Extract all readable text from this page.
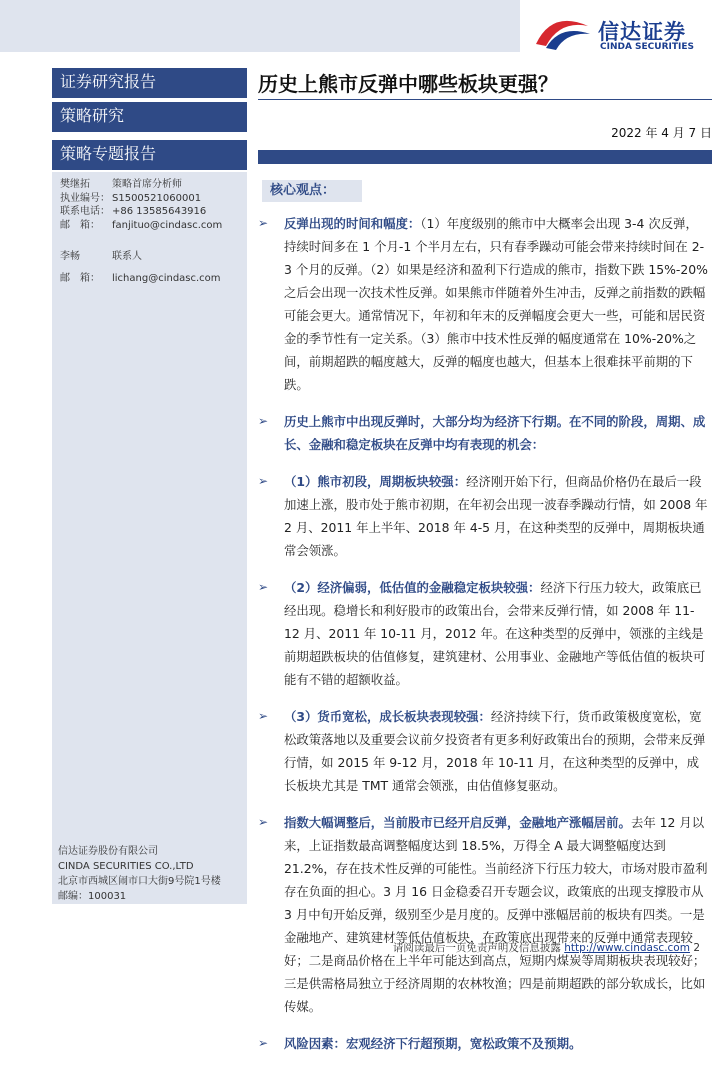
信达证券
CINDA SECURITIES
证券研究报告
策略研究
策略专题报告
樊继拓 策略首席分析师
执业编号： S1500521060001
联系电话： +86 13585643916
邮　箱： fanjituo@cindasc.com
李畅	联系人
邮　箱： lichang@cindasc.com
信达证券股份有限公司
CINDA SECURITIES CO.,LTD
北京市西城区闹市口大街9号院1号楼
邮编：100031
历史上熊市反弹中哪些板块更强？
2022 年 4 月 7 日
核心观点：
➢ 反弹出现的时间和幅度：（1）年度级别的熊市中大概率会出现 3-4 次反弹，持续时间多在 1 个月-1 个半月左右，只有春季躁动可能会带来持续时间在 2-3 个月的反弹。（2）如果是经济和盈利下行造成的熊市，指数下跌 15%-20%之后会出现一次技术性反弹。如果熊市伴随着外生冲击，反弹之前指数的跌幅可能会更大。通常情况下，年初和年末的反弹幅度会更大一些，可能和居民资金的季节性有一定关系。（3）熊市中技术性反弹的幅度通常在 10%-20%之间，前期超跌的幅度越大，反弹的幅度也越大，但基本上很难抹平前期的下跌。
➢ 历史上熊市中出现反弹时，大部分均为经济下行期。在不同的阶段，周期、成长、金融和稳定板块在反弹中均有表现的机会：
➢ （1）熊市初段，周期板块较强：经济刚开始下行，但商品价格仍在最后一段加速上涨，股市处于熊市初期，在年初会出现一波春季躁动行情，如 2008 年 2 月、2011 年上半年、2018 年 4-5 月，在这种类型的反弹中，周期板块通常会领涨。
➢ （2）经济偏弱，低估值的金融稳定板块较强：经济下行压力较大，政策底已经出现。稳增长和利好股市的政策出台，会带来反弹行情，如 2008 年 11-12 月、2011 年 10-11 月，2012 年。在这种类型的反弹中，领涨的主线是前期超跌板块的估值修复，建筑建材、公用事业、金融地产等低估值的板块可能有不错的超额收益。
➢ （3）货币宽松，成长板块表现较强：经济持续下行，货币政策极度宽松，宽松政策落地以及重要会议前夕投资者有更多利好政策出台的预期，会带来反弹行情，如 2015 年 9-12 月，2018 年 10-11 月，在这种类型的反弹中，成长板块尤其是 TMT 通常会领涨，由估值修复驱动。
➢ 指数大幅调整后，当前股市已经开启反弹，金融地产涨幅居前。去年 12 月以来，上证指数最高调整幅度达到 18.5%，万得全 A 最大调整幅度达到 21.2%，存在技术性反弹的可能性。当前经济下行压力较大，市场对股市盈利存在负面的担心。3 月 16 日金稳委召开专题会议，政策底的出现支撑股市从 3 月中旬开始反弹，级别至少是月度的。反弹中涨幅居前的板块有四类。一是金融地产、建筑建材等低估值板块，在政策底出现带来的反弹中通常表现较好；二是商品价格在上半年可能达到高点，短期内煤炭等周期板块表现较好；三是供需格局独立于经济周期的农林牧渔；四是前期超跌的部分软成长，比如传媒。
➢ 风险因素：宏观经济下行超预期，宽松政策不及预期。
请阅读最后一页免责声明及信息披露 http://www.cindasc.com 2
